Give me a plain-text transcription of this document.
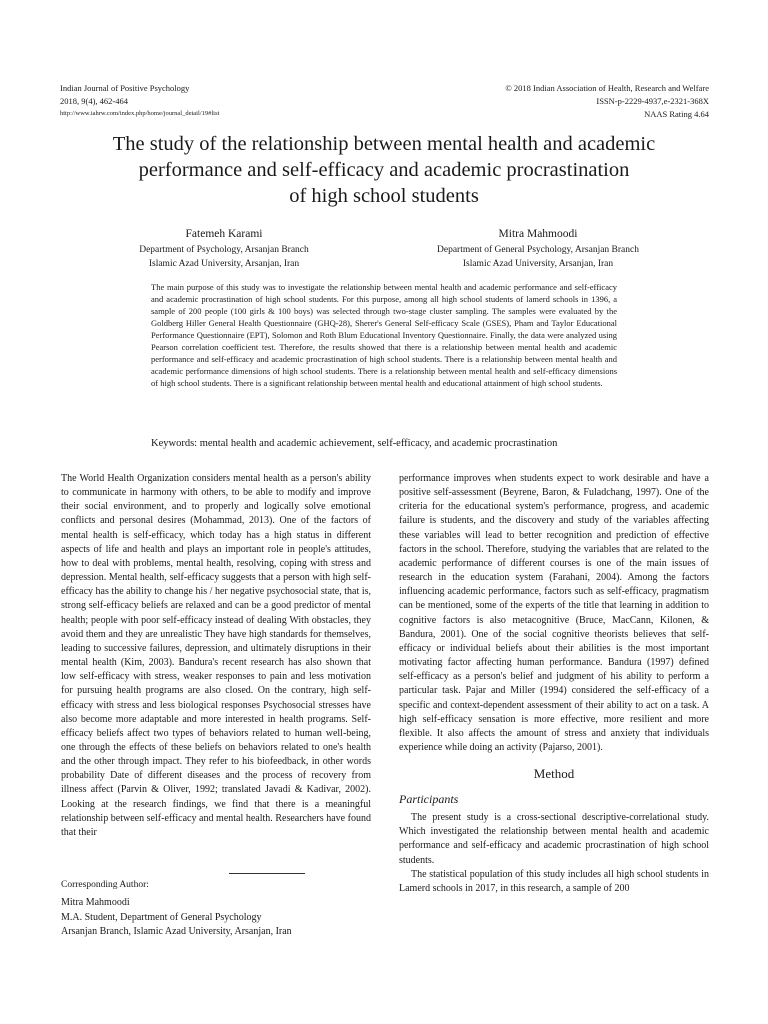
Indian Journal of Positive Psychology
2018, 9(4), 462-464
http://www.iahrw.com/index.php/home/journal_detail/19#list
© 2018 Indian Association of Health, Research and Welfare
ISSN-p-2229-4937,e-2321-368X
NAAS Rating 4.64
The study of the relationship between mental health and academic
performance and self-efficacy and academic procrastination
of high school students
Fatemeh Karami
Department of Psychology, Arsanjan Branch
Islamic Azad University, Arsanjan, Iran
Mitra Mahmoodi
Department of General Psychology, Arsanjan Branch
Islamic Azad University, Arsanjan, Iran
The main purpose of this study was to investigate the relationship between mental health and academic performance and self-efficacy and academic procrastination of high school students. For this purpose, among all high school students of lamerd schools in 1396, a sample of 200 people (100 girls & 100 boys) was selected through two-stage cluster sampling. The samples were evaluated by the Goldberg Hiller General Health Questionnaire (GHQ-28), Sherer's General Self-efficacy Scale (GSES), Pham and Taylor Educational Performance Questionnaire (EPT), Solomon and Roth Blum Educational Inventory Questionnaire. Finally, the data were analyzed using Pearson correlation coefficient test. Therefore, the results showed that there is a relationship between mental health and academic performance and self-efficacy and academic procrastination of high school students. There is a relationship between mental health and academic performance dimensions of high school students. There is a relationship between mental health and self-efficacy dimensions of high school students. There is a significant relationship between mental health and educational attainment of high school students.
Keywords: mental health and academic achievement, self-efficacy, and academic procrastination

The World Health Organization considers mental health as a person's ability to communicate in harmony with others, to be able to modify and improve their social environment, and to properly and logically solve emotional conflicts and personal desires (Mohammad, 2013). One of the factors of mental health is self-efficacy, which today has a high status in different aspects of life and health and plays an important role in people's attitudes, how to deal with problems, mental health, resolving, coping with stress and depression. Mental health, self-efficacy suggests that a person with high self-efficacy has the ability to change his / her negative psychosocial state, that is, strong self-efficacy beliefs are relaxed and can be a good predictor of mental health; people with poor self-efficacy instead of dealing With obstacles, they avoid them and they are unrealistic They have high standards for themselves, leading to successive failures, depression, and ultimately disruptions in their mental health (Kim, 2003). Bandura's recent research has also shown that low self-efficacy with stress, weaker responses to pain and less motivation for pursuing health programs are also closed. On the contrary, high self-efficacy with stress and less biological responses Psychosocial stresses have also become more adaptable and more interested in health programs. Self-efficacy beliefs affect two types of behaviors related to human well-being, one through the effects of these beliefs on behaviors related to one's health and the other through impact. They refer to his biofeedback, in other words probability Date of different diseases and the process of recovery from illness affect (Parvin & Oliver, 1992; translated Javadi & Kadivar, 2002). Looking at the research findings, we find that there is a meaningful relationship between self-efficacy and mental health. Researchers have found that their

performance improves when students expect to work desirable and have a positive self-assessment (Beyrene, Baron, & Fuladchang, 1997). One of the criteria for the educational system's performance, progress, and academic failure is students, and the discovery and study of the variables affecting these variables will lead to better recognition and prediction of effective factors in the school. Therefore, studying the variables that are related to the academic performance of different courses is one of the main issues of research in the education system (Farahani, 2004). Among the factors influencing academic performance, factors such as self-efficacy, pragmatism can be mentioned, some of the experts of the title that learning in addition to cognitive factors is also metacognitive (Bruce, MacCann, Kilonen, & Bandura, 2001). One of the social cognitive theorists believes that self-efficacy or individual beliefs about their abilities is the most important motivating factor affecting human performance. Bandura (1997) defined self-efficacy as a person's belief and judgment of his ability to perform a particular task. Pajar and Miller (1994) considered the self-efficacy of a specific and context-dependent assessment of their ability to act on a task. A high self-efficacy sensation is more effective, more resilient and more flexible. It also affects the amount of stress and anxiety that individuals experience while doing an activity (Pajarso, 2001).

Method
Participants

The present study is a cross-sectional descriptive-correlational study. Which investigated the relationship between mental health and academic performance and self-efficacy and academic procrastination of high school students.

The statistical population of this study includes all high school students in Lamerd schools in 2017, in this research, a sample of 200

Corresponding Author:
Mitra Mahmoodi
M.A. Student, Department of General Psychology
Arsanjan Branch, Islamic Azad University, Arsanjan, Iran
